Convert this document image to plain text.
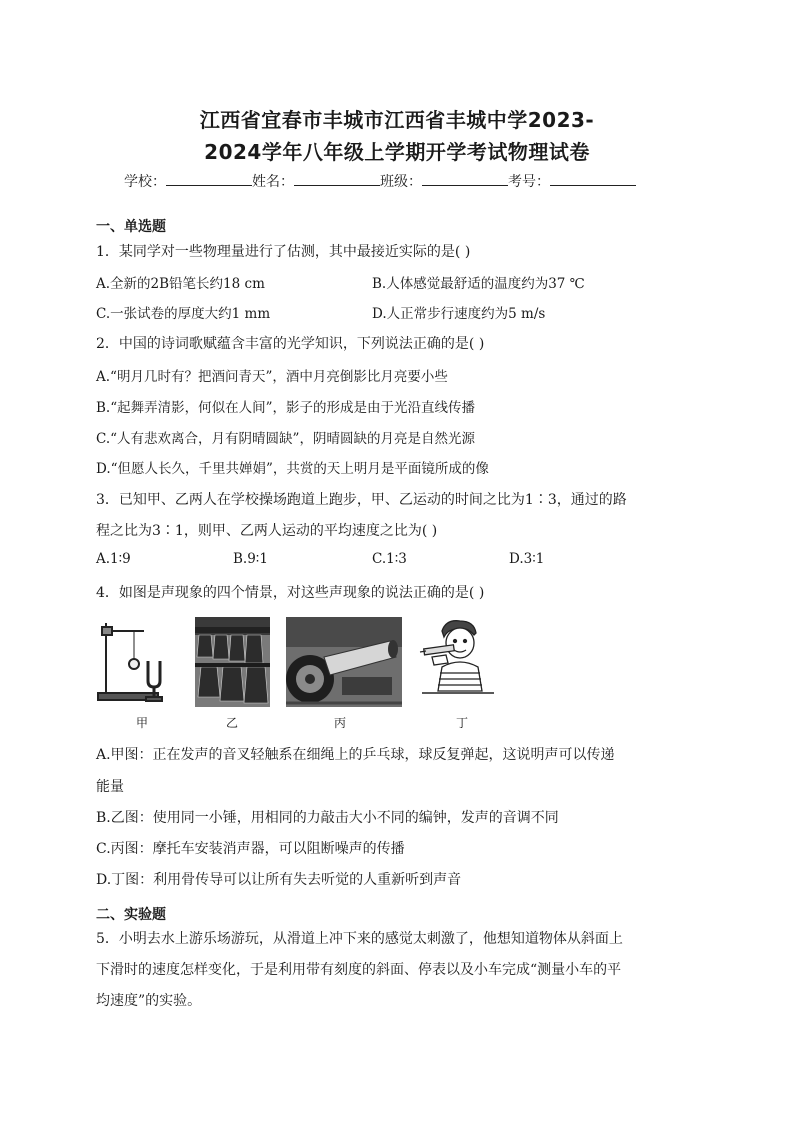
江西省宜春市丰城市江西省丰城中学2023-
2024学年八年级上学期开学考试物理试卷
学校：	姓名：	班级：	考号：
一、单选题
1．某同学对一些物理量进行了估测，其中最接近实际的是( )
A.全新的2B铅笔长约18 cm	B.人体感觉最舒适的温度约为37 ℃
C.一张试卷的厚度大约1 mm	D.人正常步行速度约为5 m/s
2．中国的诗词歌赋蕴含丰富的光学知识，下列说法正确的是( )
A.“明月几时有？把酒问青天”，酒中月亮倒影比月亮要小些
B.“起舞弄清影，何似在人间”，影子的形成是由于光沿直线传播
C.“人有悲欢离合，月有阴晴圆缺”，阴晴圆缺的月亮是自然光源
D.“但愿人长久，千里共婵娟”，共赏的天上明月是平面镜所成的像
3．已知甲、乙两人在学校操场跑道上跑步，甲、乙运动的时间之比为1∶3，通过的路
程之比为3∶1，则甲、乙两人运动的平均速度之比为( )
A.1∶9	B.9∶1	C.1∶3	D.3∶1
4．如图是声现象的四个情景，对这些声现象的说法正确的是( )
甲	乙	丙	丁
A.甲图：正在发声的音叉轻触系在细绳上的乒乓球，球反复弹起，这说明声可以传递
能量
B.乙图：使用同一小锤，用相同的力敲击大小不同的编钟，发声的音调不同
C.丙图：摩托车安装消声器，可以阻断噪声的传播
D.丁图：利用骨传导可以让所有失去听觉的人重新听到声音
二、实验题
5．小明去水上游乐场游玩，从滑道上冲下来的感觉太刺激了，他想知道物体从斜面上
下滑时的速度怎样变化，于是利用带有刻度的斜面、停表以及小车完成“测量小车的平
均速度”的实验。
